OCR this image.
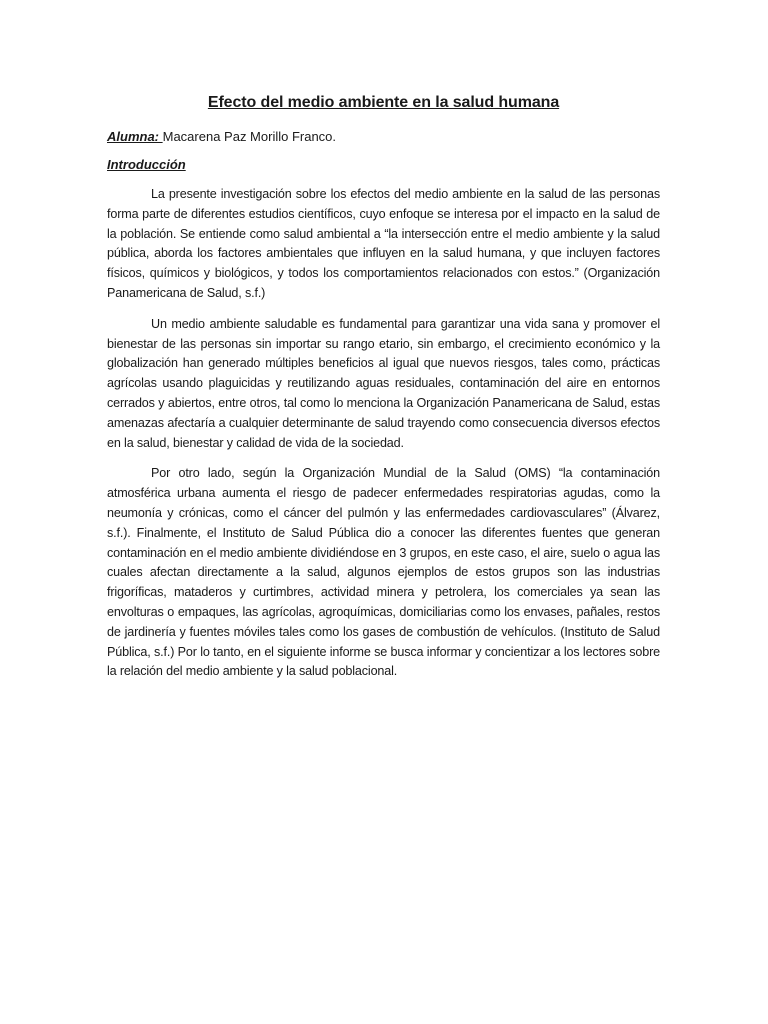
Efecto del medio ambiente en la salud humana

Alumna: Macarena Paz Morillo Franco.

Introducción

La presente investigación sobre los efectos del medio ambiente en la salud de las personas forma parte de diferentes estudios científicos, cuyo enfoque se interesa por el impacto en la salud de la población. Se entiende como salud ambiental a “la intersección entre el medio ambiente y la salud pública, aborda los factores ambientales que influyen en la salud humana, y que incluyen factores físicos, químicos y biológicos, y todos los comportamientos relacionados con estos.” (Organización Panamericana de Salud, s.f.)

Un medio ambiente saludable es fundamental para garantizar una vida sana y promover el bienestar de las personas sin importar su rango etario, sin embargo, el crecimiento económico y la globalización han generado múltiples beneficios al igual que nuevos riesgos, tales como, prácticas agrícolas usando plaguicidas y reutilizando aguas residuales, contaminación del aire en entornos cerrados y abiertos, entre otros, tal como lo menciona la Organización Panamericana de Salud, estas amenazas afectaría a cualquier determinante de salud trayendo como consecuencia diversos efectos en la salud, bienestar y calidad de vida de la sociedad.

Por otro lado, según la Organización Mundial de la Salud (OMS) “la contaminación atmosférica urbana aumenta el riesgo de padecer enfermedades respiratorias agudas, como la neumonía y crónicas, como el cáncer del pulmón y las enfermedades cardiovasculares” (Álvarez, s.f.). Finalmente, el Instituto de Salud Pública dio a conocer las diferentes fuentes que generan contaminación en el medio ambiente dividiéndose en 3 grupos, en este caso, el aire, suelo o agua las cuales afectan directamente a la salud, algunos ejemplos de estos grupos son las industrias frigoríficas, mataderos y curtimbres, actividad minera y petrolera, los comerciales ya sean las envolturas o empaques, las agrícolas, agroquímicas, domiciliarias como los envases, pañales, restos de jardinería y fuentes móviles tales como los gases de combustión de vehículos. (Instituto de Salud Pública, s.f.) Por lo tanto, en el siguiente informe se busca informar y concientizar a los lectores sobre la relación del medio ambiente y la salud poblacional.
